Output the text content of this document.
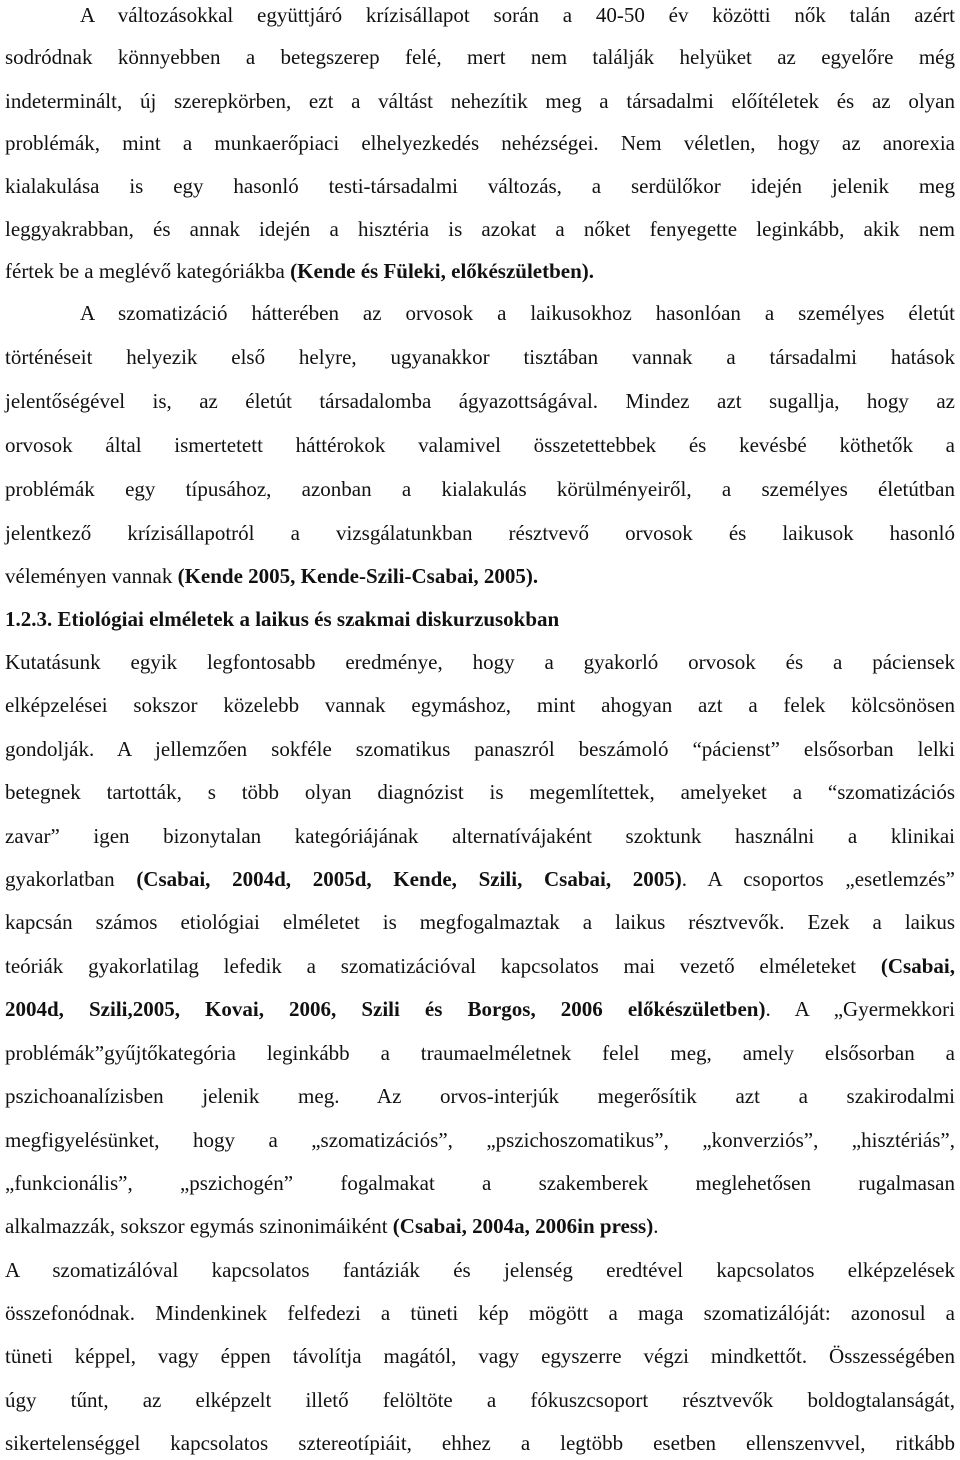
A változásokkal együttjáró krízisállapot során a 40-50 év közötti nők talán azért
sodródnak könnyebben a betegszerep felé, mert nem találják helyüket az egyelőre még
indeterminált, új szerepkörben, ezt a váltást nehezítik meg a társadalmi előítéletek és az olyan
problémák, mint a munkaerőpiaci elhelyezkedés nehézségei. Nem véletlen, hogy az anorexia
kialakulása is egy hasonló testi-társadalmi változás, a serdülőkor idején jelenik meg
leggyakrabban, és annak idején a hisztéria is azokat a nőket fenyegette leginkább, akik nem
fértek be a meglévő kategóriákba (Kende és Füleki, előkészületben).
A szomatizáció hátterében az orvosok a laikusokhoz hasonlóan a személyes életút
történéseit helyezik első helyre, ugyanakkor tisztában vannak a társadalmi hatások
jelentőségével is, az életút társadalomba ágyazottságával. Mindez azt sugallja, hogy az
orvosok által ismertetett háttérokok valamivel összetettebbek és kevésbé köthetők a
problémák egy típusához, azonban a kialakulás körülményeiről, a személyes életútban
jelentkező krízisállapotról a vizsgálatunkban résztvevő orvosok és laikusok hasonló
véleményen vannak (Kende 2005, Kende-Szili-Csabai, 2005).
1.2.3. Etiológiai elméletek a laikus és szakmai diskurzusokban
Kutatásunk egyik legfontosabb eredménye, hogy a gyakorló orvosok és a páciensek
elképzelései sokszor közelebb vannak egymáshoz, mint ahogyan azt a felek kölcsönösen
gondolják. A jellemzően sokféle szomatikus panaszról beszámoló “pácienst” elsősorban lelki
betegnek tartották, s több olyan diagnózist is megemlítettek, amelyeket a “szomatizációs
zavar” igen bizonytalan kategóriájának alternatívájaként szoktunk használni a klinikai
gyakorlatban (Csabai, 2004d, 2005d, Kende, Szili, Csabai, 2005). A csoportos „esetlemzés”
kapcsán számos etiológiai elméletet is megfogalmaztak a laikus résztvevők. Ezek a laikus
teóriák gyakorlatilag lefedik a szomatizációval kapcsolatos mai vezető elméleteket (Csabai,
2004d, Szili,2005, Kovai, 2006, Szili és Borgos, 2006 előkészületben). A „Gyermekkori
problémák”gyűjtőkategória leginkább a traumaelméletnek felel meg, amely elsősorban a
pszichoanalízisben jelenik meg. Az orvos-interjúk megerősítik azt a szakirodalmi
megfigyelésünket, hogy a „szomatizációs”, „pszichoszomatikus”, „konverziós”, „hisztériás”,
„funkcionális”, „pszichogén” fogalmakat a szakemberek meglehetősen rugalmasan
alkalmazzák, sokszor egymás szinonimáiként (Csabai, 2004a, 2006in press).
A szomatizálóval kapcsolatos fantáziák és jelenség eredtével kapcsolatos elképzelések
összefonódnak. Mindenkinek felfedezi a tüneti kép mögött a maga szomatizálóját: azonosul a
tüneti képpel, vagy éppen távolítja magától, vagy egyszerre végzi mindkettőt. Összességében
úgy tűnt, az elképzelt illető felöltöte a fókuszcsoport résztvevők boldogtalanságát,
sikertelenséggel kapcsolatos sztereotípiáit, ehhez a legtöbb esetben ellenszenvvel, ritkább
